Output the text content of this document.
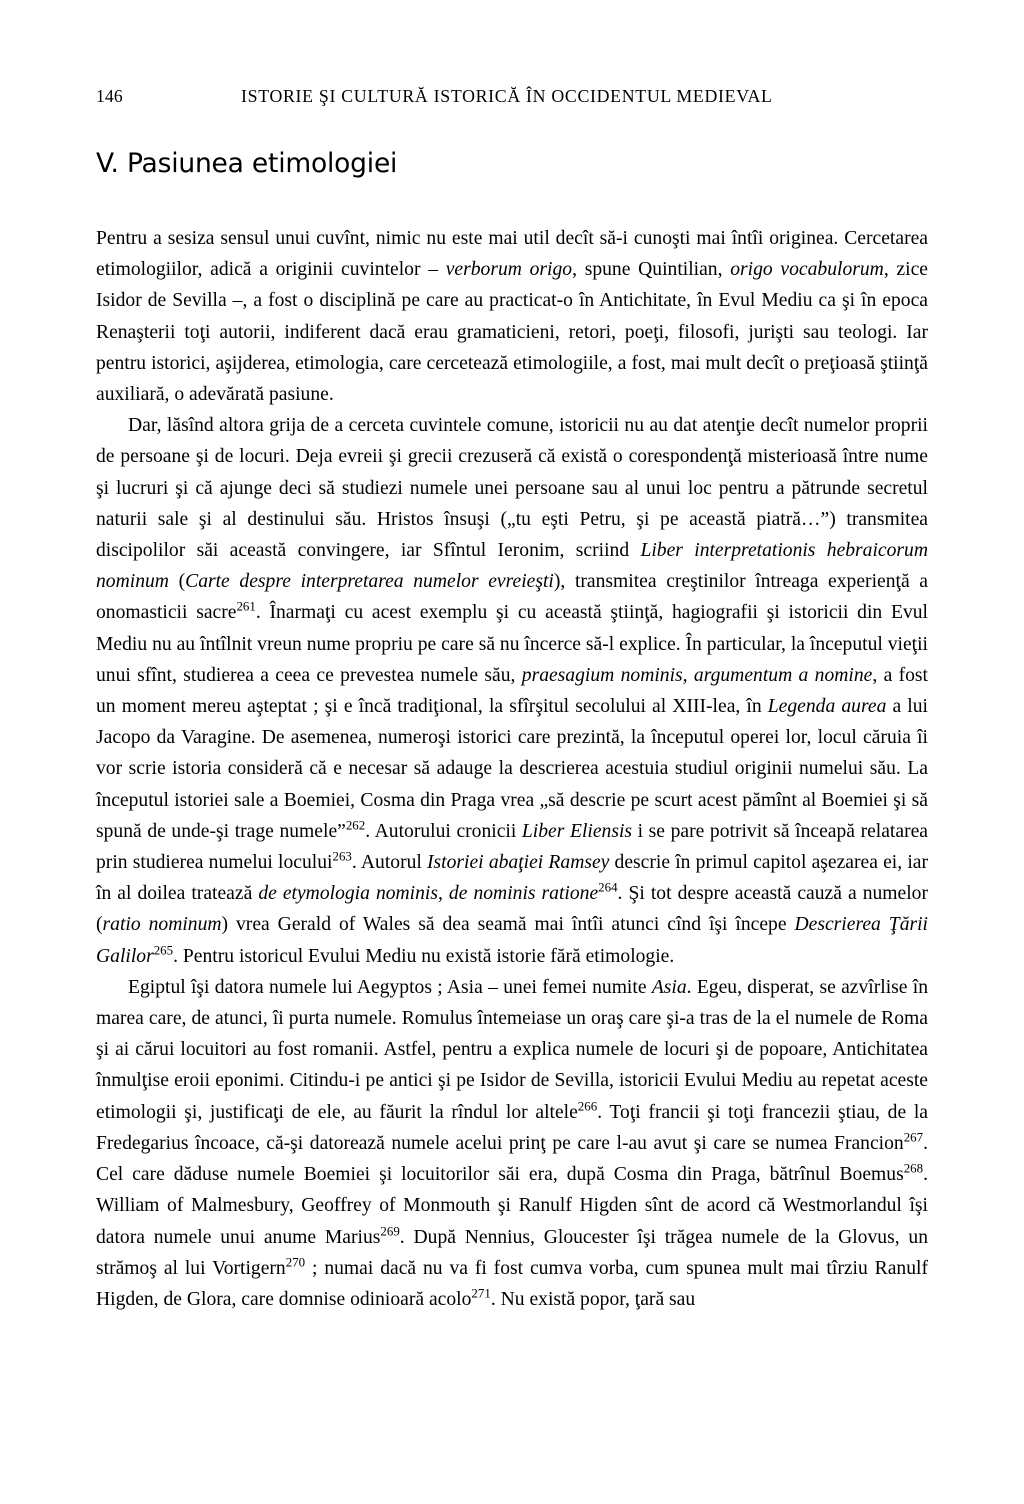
146	ISTORIE ŞI CULTURĂ ISTORICĂ ÎN OCCIDENTUL MEDIEVAL
V. Pasiunea etimologiei

Pentru a sesiza sensul unui cuvînt, nimic nu este mai util decît să-i cunoşti mai întîi originea. Cercetarea etimologiilor, adică a originii cuvintelor – verborum origo, spune Quintilian, origo vocabulorum, zice Isidor de Sevilla –, a fost o disciplină pe care au practicat-o în Antichitate, în Evul Mediu ca şi în epoca Renaşterii toţi autorii, indiferent dacă erau gramaticieni, retori, poeţi, filosofi, jurişti sau teologi. Iar pentru istorici, aşijderea, etimologia, care cercetează etimologiile, a fost, mai mult decît o preţioasă ştiinţă auxiliară, o adevărată pasiune.

Dar, lăsînd altora grija de a cerceta cuvintele comune, istoricii nu au dat atenţie decît numelor proprii de persoane şi de locuri. Deja evreii şi grecii crezuseră că există o corespondenţă misterioasă între nume şi lucruri şi că ajunge deci să studiezi numele unei persoane sau al unui loc pentru a pătrunde secretul naturii sale şi al destinului său. Hristos însuşi („tu eşti Petru, şi pe această piatră…”) transmitea discipolilor săi această convingere, iar Sfîntul Ieronim, scriind Liber interpretationis hebraicorum nominum (Carte despre interpretarea numelor evreieşti), transmitea creştinilor întreaga experienţă a onomasticii sacre$^{261}$. Înarmaţi cu acest exemplu şi cu această ştiinţă, hagiografii şi istoricii din Evul Mediu nu au întîlnit vreun nume propriu pe care să nu încerce să-l explice. În particular, la începutul vieţii unui sfînt, studierea a ceea ce prevestea numele său, praesagium nominis, argumentum a nomine, a fost un moment mereu aşteptat ; şi e încă tradiţional, la sfîrşitul secolului al XIII-lea, în Legenda aurea a lui Jacopo da Varagine. De asemenea, numeroşi istorici care prezintă, la începutul operei lor, locul căruia îi vor scrie istoria consideră că e necesar să adauge la descrierea acestuia studiul originii numelui său. La începutul istoriei sale a Boemiei, Cosma din Praga vrea „să descrie pe scurt acest pămînt al Boemiei şi să spună de unde-şi trage numele”$^{262}$. Autorului cronicii Liber Eliensis i se pare potrivit să înceapă relatarea prin studierea numelui locului$^{263}$. Autorul Istoriei abaţiei Ramsey descrie în primul capitol aşezarea ei, iar în al doilea tratează de etymologia nominis, de nominis ratione$^{264}$. Şi tot despre această cauză a numelor (ratio nominum) vrea Gerald of Wales să dea seamă mai întîi atunci cînd îşi începe Descrierea Ţării Galilor$^{265}$. Pentru istoricul Evului Mediu nu există istorie fără etimologie.

Egiptul îşi datora numele lui Aegyptos ; Asia – unei femei numite Asia. Egeu, disperat, se azvîrlise în marea care, de atunci, îi purta numele. Romulus întemeiase un oraş care şi-a tras de la el numele de Roma şi ai cărui locuitori au fost romanii. Astfel, pentru a explica numele de locuri şi de popoare, Antichitatea înmulţise eroii eponimi. Citindu-i pe antici şi pe Isidor de Sevilla, istoricii Evului Mediu au repetat aceste etimologii şi, justificaţi de ele, au făurit la rîndul lor altele$^{266}$. Toţi francii şi toţi francezii ştiau, de la Fredegarius încoace, că-şi datorează numele acelui prinţ pe care l-au avut şi care se numea Francion$^{267}$. Cel care dăduse numele Boemiei şi locuitorilor săi era, după Cosma din Praga, bătrînul Boemus$^{268}$. William of Malmesbury, Geoffrey of Monmouth şi Ranulf Higden sînt de acord că Westmorlandul îşi datora numele unui anume Marius$^{269}$. După Nennius, Gloucester îşi trăgea numele de la Glovus, un strămoş al lui Vortigern$^{270}$ ; numai dacă nu va fi fost cumva vorba, cum spunea mult mai tîrziu Ranulf Higden, de Glora, care domnise odinioară acolo$^{271}$. Nu există popor, ţară sau
